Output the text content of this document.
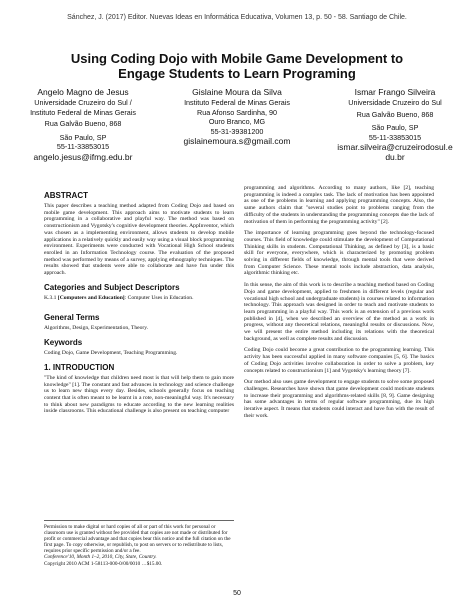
Sánchez, J. (2017) Editor. Nuevas Ideas en Informática Educativa, Volumen 13, p. 50 - 58. Santiago de Chile.
Using Coding Dojo with Mobile Game Development to
Engage Students to Learn Programing
Angelo Magno de Jesus
Universidade Cruzeiro do Sul /
Instituto Federal de Minas Gerais
Rua Galvão Bueno, 868
São Paulo, SP
55-11-33853015
angelo.jesus@ifmg.edu.br
Gislaine Moura da Silva
Instituto Federal de Minas Gerais
Rua Afonso Sardinha, 90
Ouro Branco, MG
55-31-39381200
gislainemoura.s@gmail.com
Ismar Frango Silveira
Universidade Cruzeiro do Sul
Rua Galvão Bueno, 868
São Paulo, SP
55-11-33853015
ismar.silveira@cruzeirodosul.e
du.br
ABSTRACT

This paper describes a teaching method adapted from Coding Dojo and based on mobile game development. This approach aims to motivate students to learn programming in a collaborative and playful way. The method was based on constructionism and Vygotsky's cognitive development theories. AppInventor, which was chosen as a implementing environment, allows students to develop mobile applications in a relatively quickly and easily way using a visual block programming environment. Experiments were conducted with Vocational High School students enrolled in an Information Technology course. The evaluation of the proposed method was performed by means of a survey, applying ethnography techniques. The results showed that students were able to collaborate and have fun under this approach.

Categories and Subject Descriptors

K.3.1 [Computers and Education]: Computer Uses in Education.

General Terms

Algorithms, Design, Experimentation, Theory.

Keywords

Coding Dojo, Game Development, Teaching Programming.

1. INTRODUCTION

"The kind of knowledge that children need most is that will help them to gain more knowledge" [1]. The constant and fast advances in technology and science challenge us to learn new things every day. Besides, schools generally focus on teaching content that is often meant to be learnt in a rote, non-meaningful way. It's necessary to think about new paradigms to educate according to the new learning realities inside classrooms. This educational challenge is also present on teaching computer

Permission to make digital or hard copies of all or part of this work for personal or classroom use is granted without fee provided that copies are not made or distributed for profit or commercial advantage and that copies bear this notice and the full citation on the first page. To copy otherwise, or republish, to post on servers or to redistribute to lists, requires prior specific permission and/or a fee.
Conference'10, Month 1–2, 2010, City, State, Country.
Copyright 2010 ACM 1-58113-000-0/00/0010 …$15.00.

programming and algorithms. According to many authors, like [2], teaching programming is indeed a complex task. The lack of motivation has been appointed as one of the problems in learning and applying programming concepts. Also, the same authors claim that "several studies point to problems ranging from the difficulty of the students in understanding the programming concepts due the lack of motivation of them in performing the programming activity" [2].

The importance of learning programming goes beyond the technology-focused courses. This field of knowledge could stimulate the development of Computational Thinking skills in students. Computational Thinking, as defined by [3], is a basic skill for everyone, everywhere, which is characterized by promoting problem solving in different fields of knowledge, through mental tools that were derived from Computer Science. These mental tools include abstraction, data analysis, algorithmic thinking etc.

In this sense, the aim of this work is to describe a teaching method based on Coding Dojo and game development, applied to freshmen in different levels (regular and vocational high school and undergraduate students) in courses related to information technology. This approach was designed in order to teach and motivate students to learn programming in a playful way. This work is an extension of a previous work published in [4], when we described an overview of the method as a work in progress, without any theoretical relations, meaningful results or discussions. Now, we will present the entire method including its relations with the theoretical background, as well as complete results and discussion.

Coding Dojo could become a great contribution to the programming learning. This activity has been successful applied in many software companies [5, 6]. The basics of Coding Dojo activities involve collaboration in order to solve a problem, key concepts related to constructionism [1] and Vygotsky's learning theory [7].

Our method also uses game development to engage students to solve some proposed challenges. Researches have shown that game development could motivate students to increase their programming and algorithms-related skills [8, 9]. Game designing has some advantages in terms of regular software programming, due its high iterative aspect. It means that students could interact and have fun with the result of their work.

50
